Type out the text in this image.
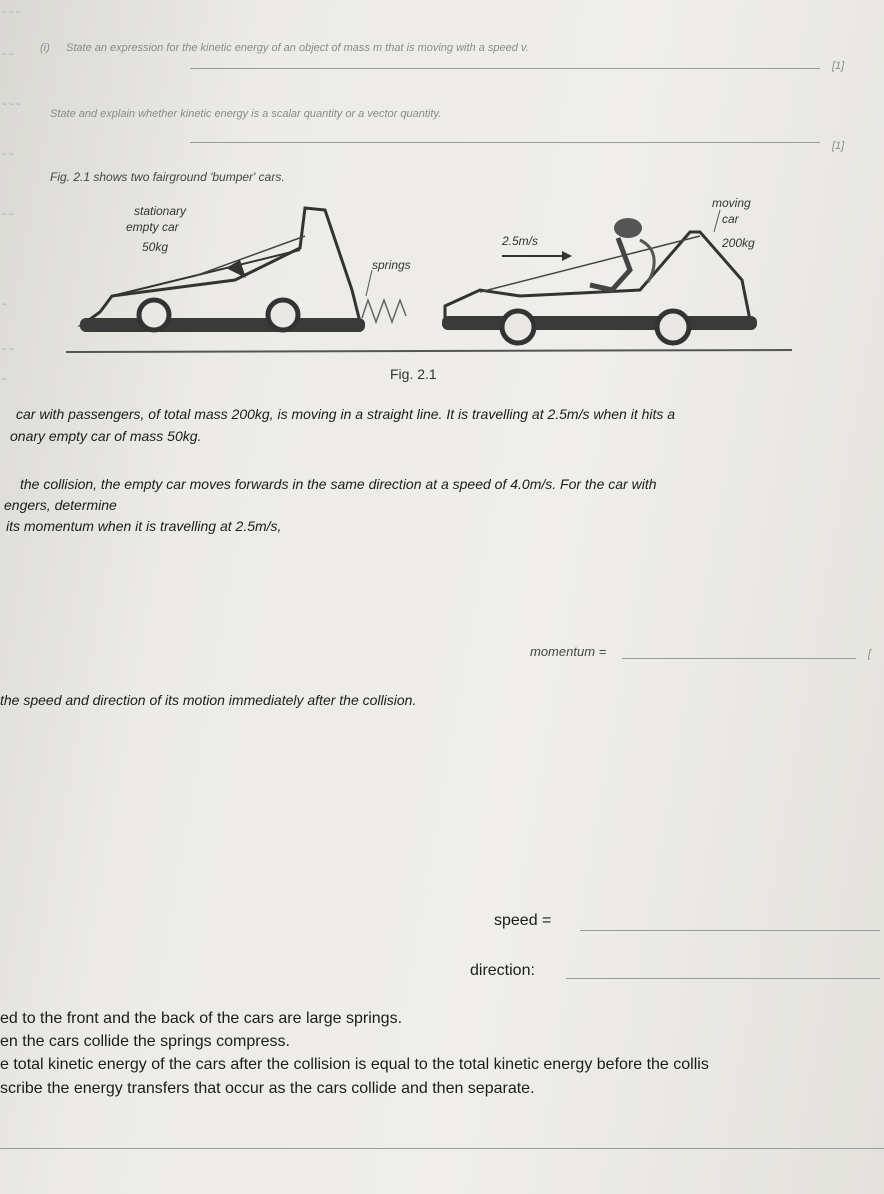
~ ~ ~
~ ~
~ ~ ~
~ ~
~ ~
~
~ ~
~
(i) State an expression for the kinetic energy of an object of mass m that is moving with a speed v.
[1]
State and explain whether kinetic energy is a scalar quantity or a vector quantity.
[1]
Fig. 2.1 shows two fairground 'bumper' cars.
stationary
empty car
50kg
springs
2.5m/s
moving
car
200kg
Fig. 2.1
car with passengers, of total mass 200kg, is moving in a straight line. It is travelling at 2.5m/s when it hits a
onary empty car of mass 50kg.
the collision, the empty car moves forwards in the same direction at a speed of 4.0m/s. For the car with
engers, determine
its momentum when it is travelling at 2.5m/s,
momentum =	[
the speed and direction of its motion immediately after the collision.
speed =
direction:
ed to the front and the back of the cars are large springs.
en the cars collide the springs compress.
e total kinetic energy of the cars after the collision is equal to the total kinetic energy before the collis
scribe the energy transfers that occur as the cars collide and then separate.
